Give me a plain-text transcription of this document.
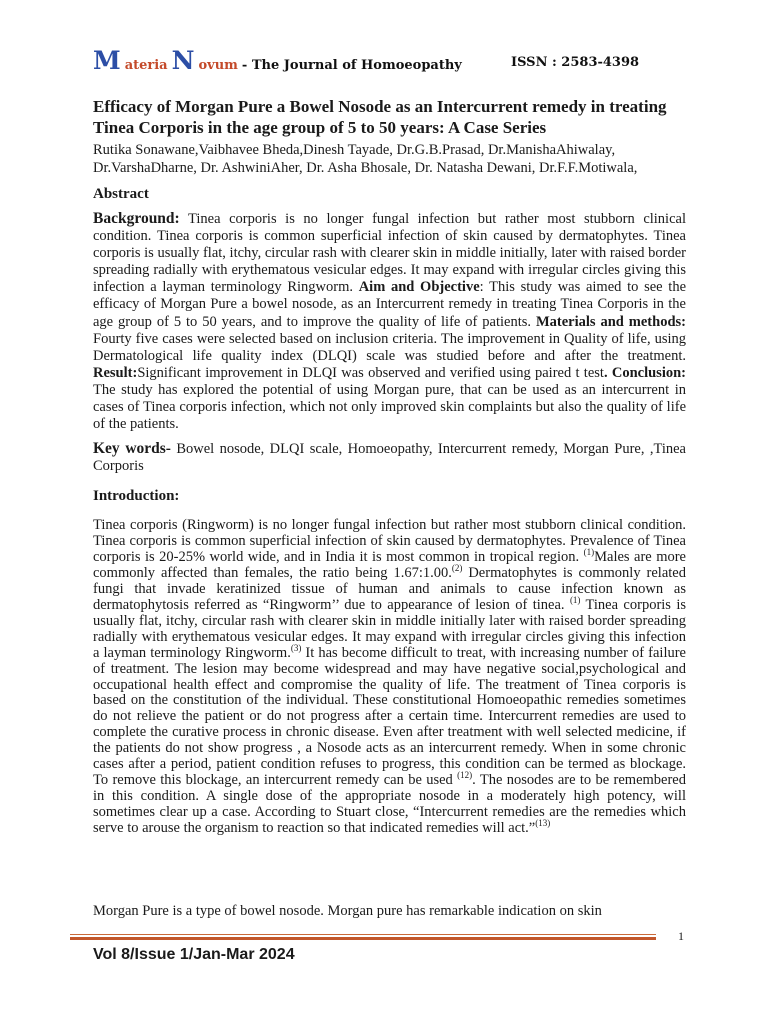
M ateria N ovum - The Journal of Homoeopathy	ISSN : 2583-4398
Efficacy of Morgan Pure a Bowel Nosode as an Intercurrent remedy in treating Tinea Corporis in the age group of 5 to 50 years: A Case Series

Rutika Sonawane,Vaibhavee Bheda,Dinesh Tayade, Dr.G.B.Prasad, Dr.ManishaAhiwalay,
Dr.VarshaDharne, Dr. AshwiniAher, Dr. Asha Bhosale, Dr. Natasha Dewani, Dr.F.F.Motiwala,

Abstract

Background: Tinea corporis is no longer fungal infection but rather most stubborn clinical condition. Tinea corporis is common superficial infection of skin caused by dermatophytes. Tinea corporis is usually flat, itchy, circular rash with clearer skin in middle initially, later with raised border spreading radially with erythematous vesicular edges. It may expand with irregular circles giving this infection a layman terminology Ringworm. Aim and Objective: This study was aimed to see the efficacy of Morgan Pure a bowel nosode, as an Intercurrent remedy in treating Tinea Corporis in the age group of 5 to 50 years, and to improve the quality of life of patients. Materials and methods: Fourty five cases were selected based on inclusion criteria. The improvement in Quality of life, using Dermatological life quality index (DLQI) scale was studied before and after the treatment. Result:Significant improvement in DLQI was observed and verified using paired t test. Conclusion: The study has explored the potential of using Morgan pure, that can be used as an intercurrent in cases of Tinea corporis infection, which not only improved skin complaints but also the quality of life of the patients.

Key words- Bowel nosode, DLQI scale, Homoeopathy, Intercurrent remedy, Morgan Pure, ,Tinea Corporis

Introduction:

Tinea corporis (Ringworm) is no longer fungal infection but rather most stubborn clinical condition. Tinea corporis is common superficial infection of skin caused by dermatophytes. Prevalence of Tinea corporis is 20-25% world wide, and in India it is most common in tropical region. $^{(1)}$Males are more commonly affected than females, the ratio being 1.67:1.00.$^{(2)}$ Dermatophytes is commonly related fungi that invade keratinized tissue of human and animals to cause infection known as dermatophytosis referred as “Ringworm’’ due to appearance of lesion of tinea. $^{(1)}$ Tinea corporis is usually flat, itchy, circular rash with clearer skin in middle initially later with raised border spreading radially with erythematous vesicular edges. It may expand with irregular circles giving this infection a layman terminology Ringworm.$^{(3)}$ It has become difficult to treat, with increasing number of failure of treatment. The lesion may become widespread and may have negative social,psychological and occupational health effect and compromise the quality of life. The treatment of Tinea corporis is based on the constitution of the individual. These constitutional Homoeopathic remedies sometimes do not relieve the patient or do not progress after a certain time. Intercurrent remedies are used to complete the curative process in chronic disease. Even after treatment with well selected medicine, if the patients do not show progress , a Nosode acts as an intercurrent remedy. When in some chronic cases after a period, patient condition refuses to progress, this condition can be termed as blockage. To remove this blockage, an intercurrent remedy can be used $^{(12)}$. The nosodes are to be remembered in this condition. A single dose of the appropriate nosode in a moderately high potency, will sometimes clear up a case. According to Stuart close, “Intercurrent remedies are the remedies which serve to arouse the organism to reaction so that indicated remedies will act.”$^{(13)}$

Morgan Pure is a type of bowel nosode. Morgan pure has remarkable indication on skin

1
Vol 8/Issue 1/Jan-Mar 2024
